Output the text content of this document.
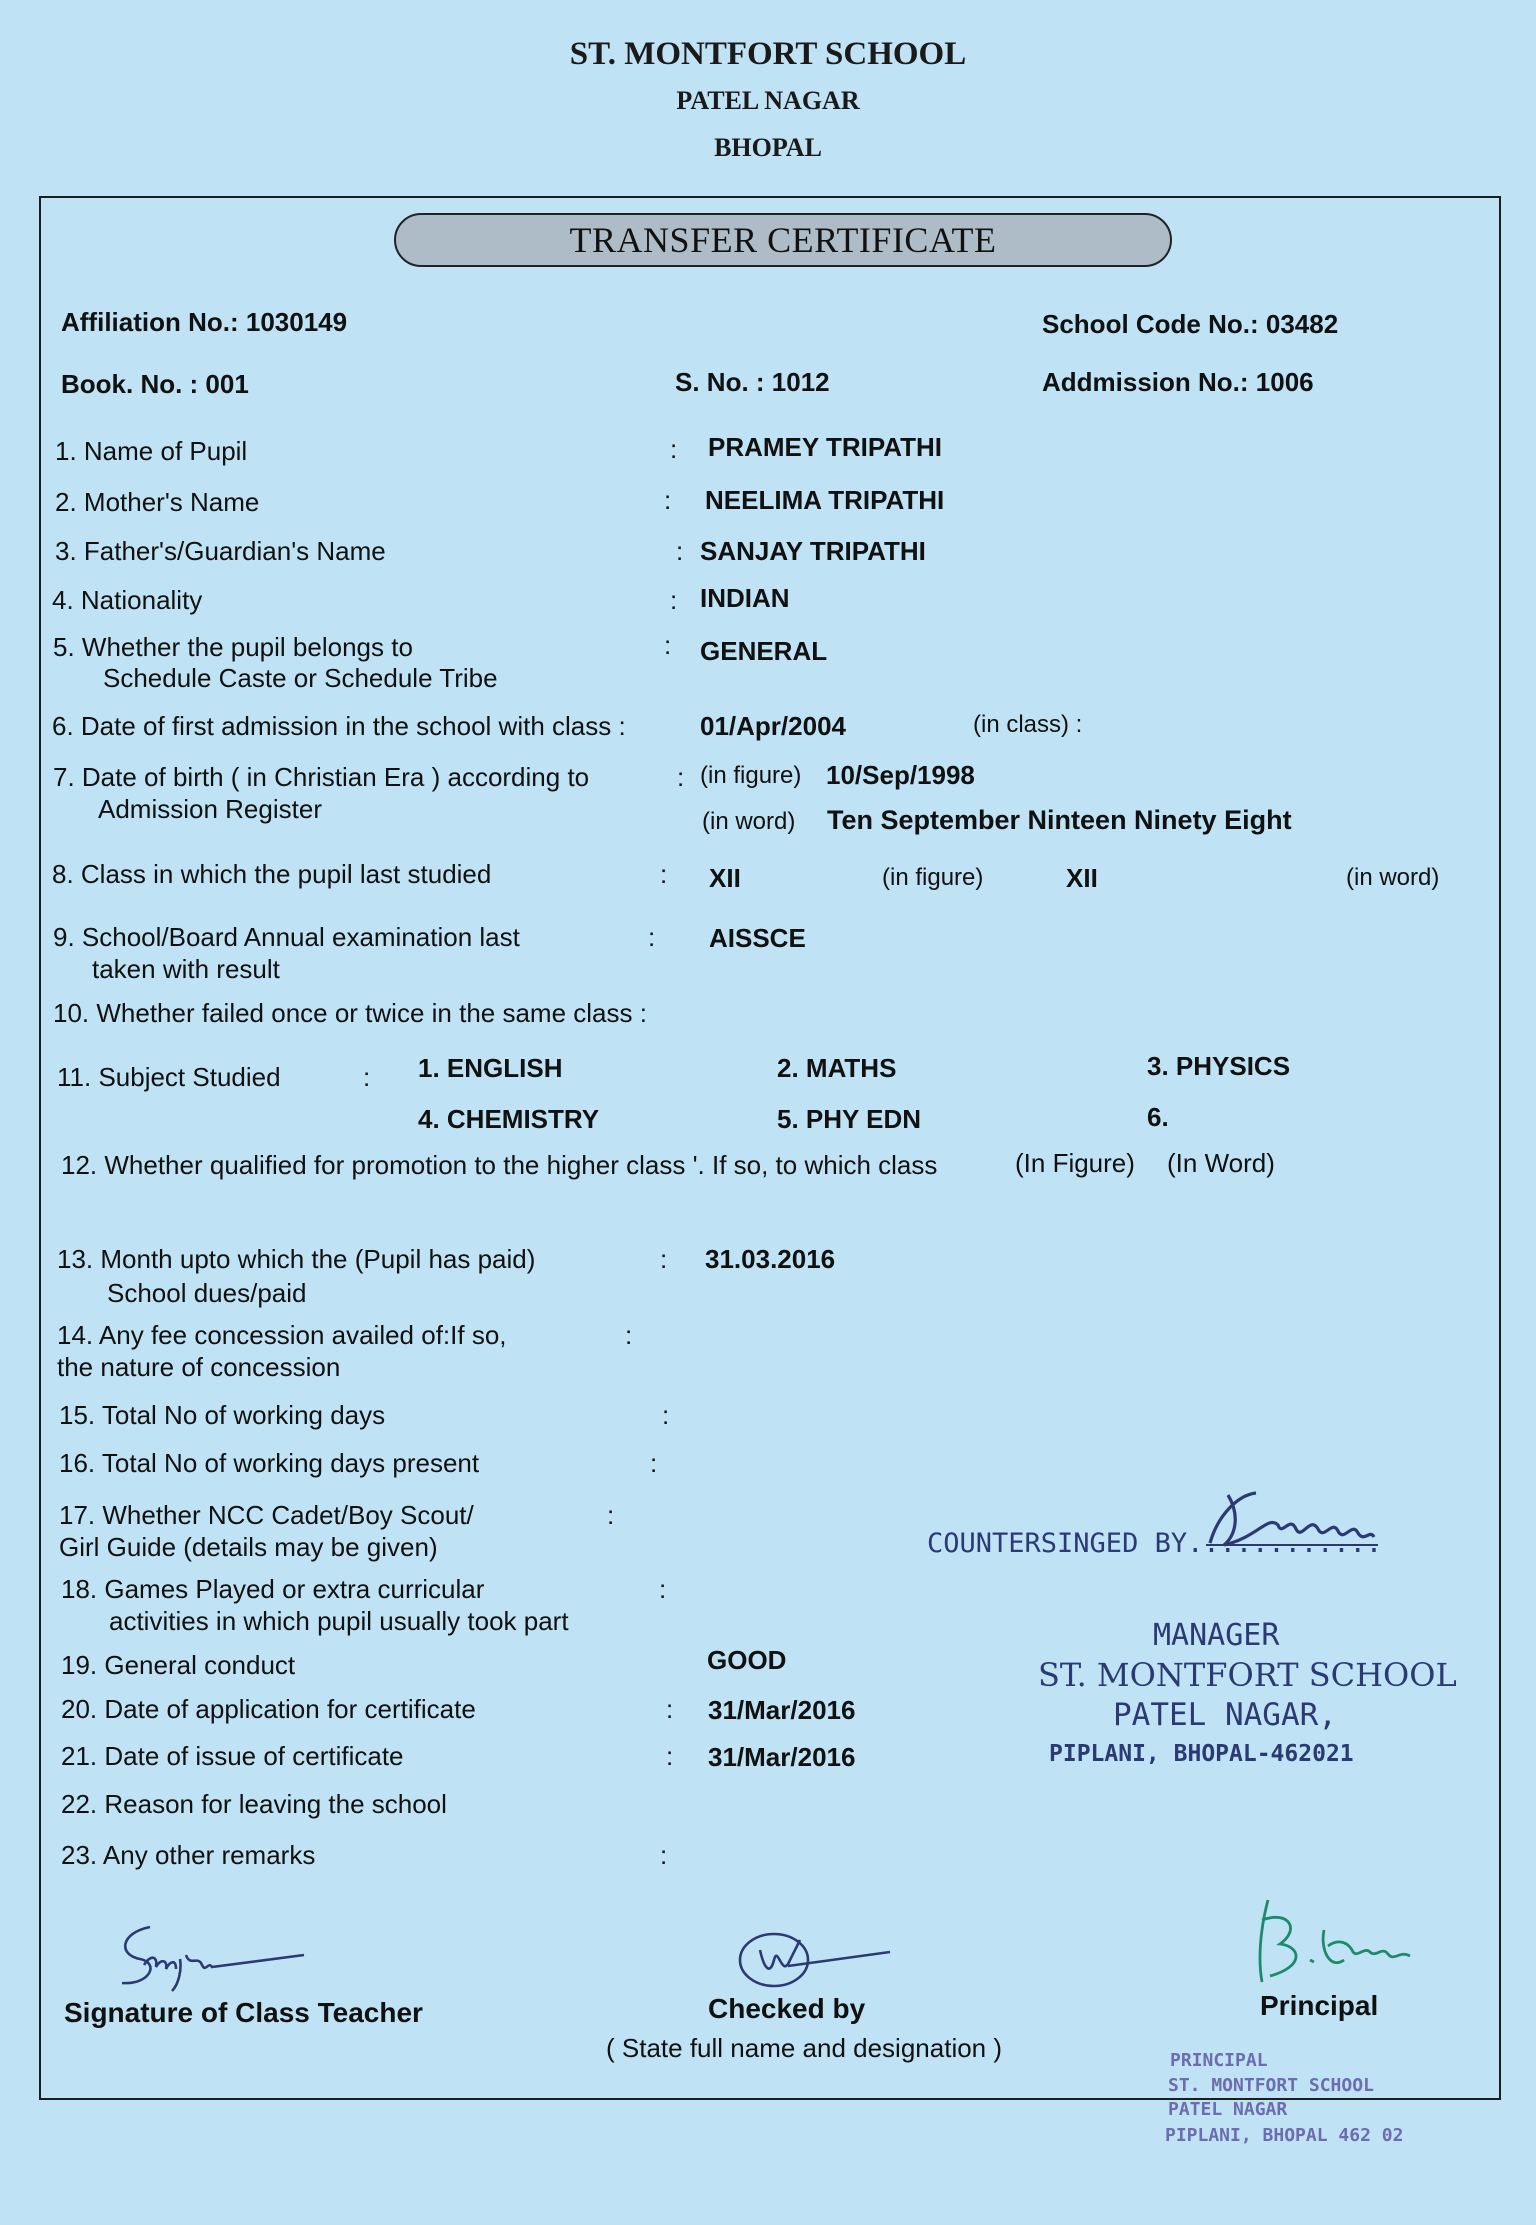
ST. MONTFORT SCHOOL
PATEL NAGAR
BHOPAL
TRANSFER CERTIFICATE
Affiliation No.: 1030149	School Code No.: 03482
Book. No. : 001	S. No. : 1012	Addmission No.: 1006
1. Name of Pupil	: PRAMEY TRIPATHI
2. Mother's Name	: NEELIMA TRIPATHI
3. Father's/Guardian's Name	: SANJAY TRIPATHI
4. Nationality	: INDIAN
5. Whether the pupil belongs to
Schedule Caste or Schedule Tribe
: GENERAL
6. Date of first admission in the school with class :	01/Apr/2004	(in class) :
7. Date of birth ( in Christian Era ) according to
Admission Register
: (in figure) 10/Sep/1998
(in word) Ten September Ninteen Ninety Eight
8. Class in which the pupil last studied	: XII	(in figure)	XII	(in word)
9. School/Board Annual examination last
taken with result
: AISSCE
10. Whether failed once or twice in the same class :
11. Subject Studied	: 1. ENGLISH	2. MATHS	3. PHYSICS
4. CHEMISTRY	5. PHY EDN	6.
12. Whether qualified for promotion to the higher class '. If so, to which class	(In Figure) (In Word)
13. Month upto which the (Pupil has paid)
School dues/paid
: 31.03.2016
14. Any fee concession availed of:If so,
the nature of concession
:
15. Total No of working days	:
16. Total No of working days present	:
17. Whether NCC Cadet/Boy Scout/
Girl Guide (details may be given)
:
18. Games Played or extra curricular
activities in which pupil usually took part
:
19. General conduct	GOOD
20. Date of application for certificate	: 31/Mar/2016
21. Date of issue of certificate	: 31/Mar/2016
22. Reason for leaving the school
23. Any other remarks	:
COUNTERSINGED BY............
MANAGER
ST. MONTFORT SCHOOL
PATEL NAGAR,
PIPLANI, BHOPAL-462021
Signature of Class Teacher	Checked by
( State full name and designation )
Principal
PRINCIPAL
ST. MONTFORT SCHOOL
PATEL NAGAR
PIPLANI, BHOPAL 462 02
